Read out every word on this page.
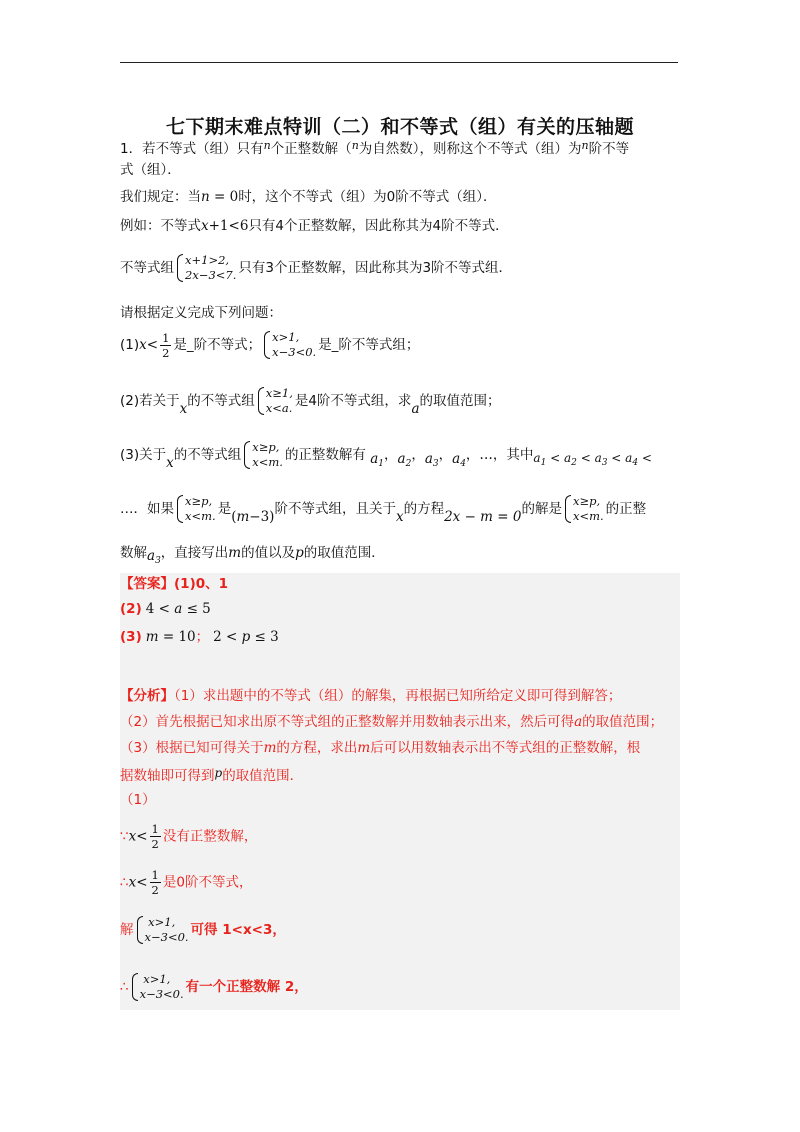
七下期末难点特训（二）和不等式（组）有关的压轴题
1．若不等式（组）只有$^n$个正整数解（$^n$为自然数），则称这个不等式（组）为$^n$阶不等
式（组）．
我们规定：当n = 0时，这个不等式（组）为0阶不等式（组）．
例如：不等式x+1<6只有4个正整数解，因此称其为4阶不等式．
不等式组 x+1>2,
2x−3<7. 只有3个正整数解，因此称其为3阶不等式组．
请根据定义完成下列问题：
$(1)x< \frac{1}{2}$ 是_阶不等式； x>1,
x−3<0. 是_阶不等式组；
(2)若关于x的不等式组 x≥1,
x<a. 是4阶不等式组，求a的取值范围；
(3)关于x的不等式组 x≥p,
x<m. 的正整数解有 $a_1$，$a_2$，$a_3$，$a_4$，…，其中$a_1 < a_2 < a_3 < a_4$ <
…．如果 x≥p,
x<m. 是(m−3)阶不等式组，且关于x的方程2x − m = 0的解是 x≥p,
x<m. 的正整
数解$a_3$，直接写出m的值以及p的取值范围．
【答案】(1)0、1
(2) 4 < a ≤ 5
(3) m = 10； 2 < p ≤ 3
【分析】（1）求出题中的不等式（组）的解集，再根据已知所给定义即可得到解答；
（2）首先根据已知求出原不等式组的正整数解并用数轴表示出来，然后可得a的取值范围；
（3）根据已知可得关于m的方程，求出m后可以用数轴表示出不等式组的正整数解，根
据数轴即可得到p的取值范围．
（1）
∵x< $\frac{1}{2}$ 没有正整数解，
∴x< $\frac{1}{2}$ 是0阶不等式，
解 x>1,
x−3<0. 可得 1<x<3，
∴ x>1,
x−3<0. 有一个正整数解 2，
